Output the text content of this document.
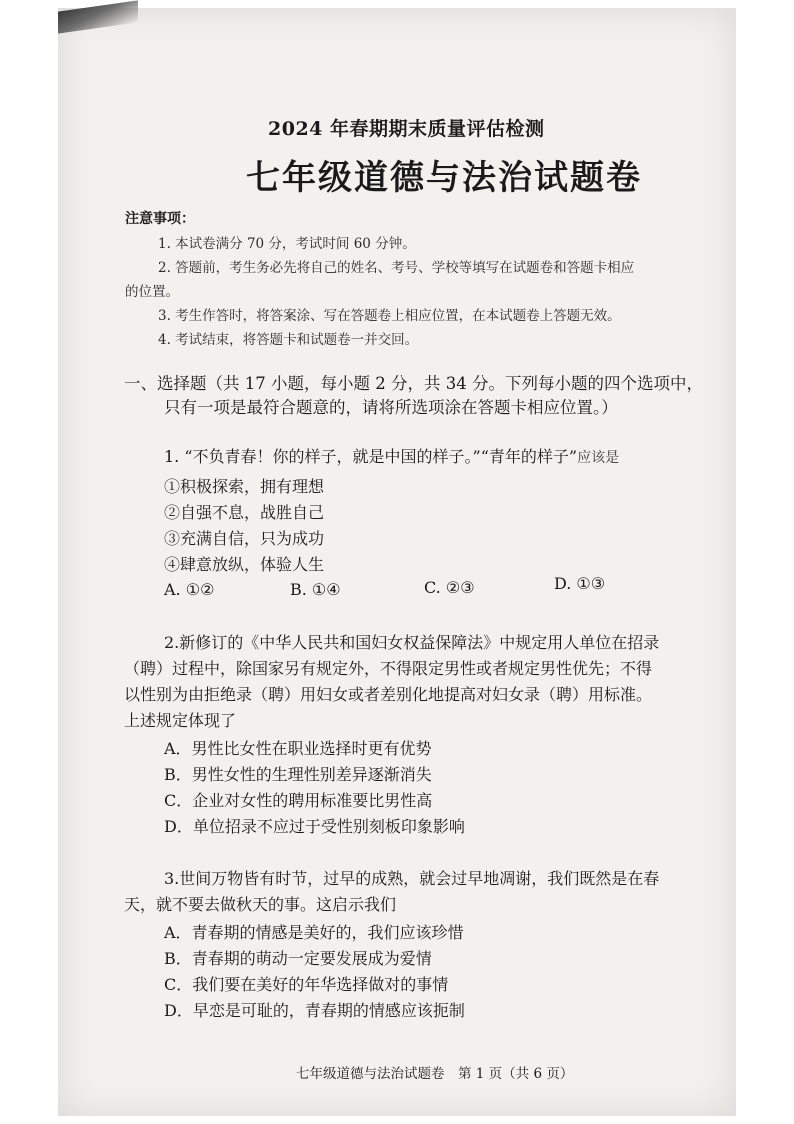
2024 年春期期末质量评估检测
七年级道德与法治试题卷
注意事项：
1. 本试卷满分 70 分，考试时间 60 分钟。
2. 答题前，考生务必先将自己的姓名、考号、学校等填写在试题卷和答题卡相应
的位置。
3. 考生作答时，将答案涂、写在答题卷上相应位置，在本试题卷上答题无效。
4. 考试结束，将答题卡和试题卷一并交回。
一、选择题（共 17 小题，每小题 2 分，共 34 分。下列每小题的四个选项中，
只有一项是最符合题意的，请将所选项涂在答题卡相应位置。）
1. “不负青春！你的样子，就是中国的样子。”“青年的样子”应该是
①积极探索，拥有理想
②自强不息，战胜自己
③充满自信，只为成功
④肆意放纵，体验人生
A. ①②	B. ①④	C. ②③	D. ①③
2.新修订的《中华人民共和国妇女权益保障法》中规定用人单位在招录
（聘）过程中，除国家另有规定外，不得限定男性或者规定男性优先；不得
以性别为由拒绝录（聘）用妇女或者差别化地提高对妇女录（聘）用标准。
上述规定体现了
A．男性比女性在职业选择时更有优势
B．男性女性的生理性别差异逐渐消失
C．企业对女性的聘用标准要比男性高
D．单位招录不应过于受性别刻板印象影响
3.世间万物皆有时节，过早的成熟，就会过早地凋谢，我们既然是在春
天，就不要去做秋天的事。这启示我们
A．青春期的情感是美好的，我们应该珍惜
B．青春期的萌动一定要发展成为爱情
C．我们要在美好的年华选择做对的事情
D．早恋是可耻的，青春期的情感应该扼制
七年级道德与法治试题卷　第 1 页（共 6 页）
